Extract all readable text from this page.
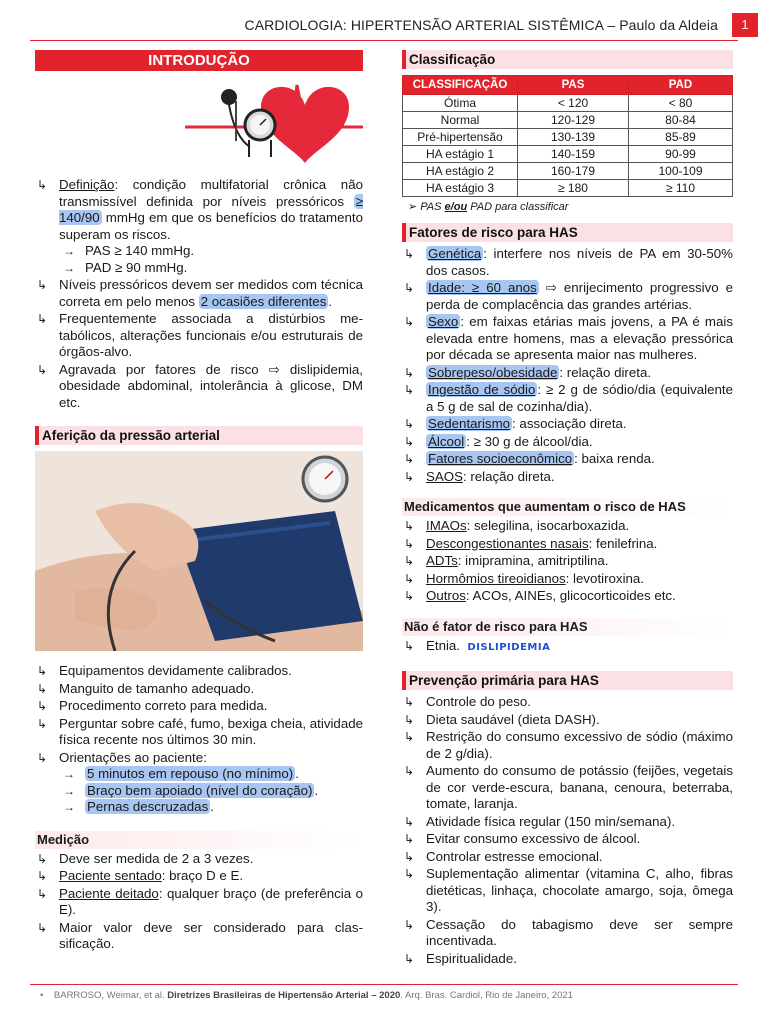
CARDIOLOGIA: HIPERTENSÃO ARTERIAL SISTÊMICA – Paulo da Aldeia	1
INTRODUÇÃO
↳ Definição: condição multifatorial crônica não transmissível definida por níveis pressóricos ≥ 140/90 mmHg em que os benefícios do tratamento superam os riscos.
→ PAS ≥ 140 mmHg.
→ PAD ≥ 90 mmHg.
↳ Níveis pressóricos devem ser medidos com técnica correta em pelo menos 2 ocasiões diferentes .
↳ Frequentemente associada a distúrbios metabólicos, alterações funcionais e/ou estruturais de órgãos-alvo.
↳ Agravada por fatores de risco ⇨ dislipidemia, obesidade abdominal, intolerância à glicose, DM etc.
Aferição da pressão arterial
↳ Equipamentos devidamente calibrados.
↳ Manguito de tamanho adequado.
↳ Procedimento correto para medida.
↳ Perguntar sobre café, fumo, bexiga cheia, atividade física recente nos últimos 30 min.
↳ Orientações ao paciente:
→ 5 minutos em repouso (no mínimo) .
→ Braço bem apoiado (nível do coração) .
→ Pernas descruzadas .
Medição
↳ Deve ser medida de 2 a 3 vezes.
↳ Paciente sentado: braço D e E.
↳ Paciente deitado: qualquer braço (de preferência o E).
↳ Maior valor deve ser considerado para classificação.
Classificação
CLASSIFICAÇÃO	PAS	PAD
Ótima	< 120	< 80
Normal	120-129	80-84
Pré-hipertensão	130-139	85-89
HA estágio 1	140-159	90-99
HA estágio 2	160-179	100-109
HA estágio 3	≥ 180	≥ 110
➢ PAS e/ou PAD para classificar
Fatores de risco para HAS
↳ Genética : interfere nos níveis de PA em 30-50% dos casos.
↳ Idade: ≥ 60 anos ⇨ enrijecimento progressivo e perda de complacência das grandes artérias.
↳ Sexo : em faixas etárias mais jovens, a PA é mais elevada entre homens, mas a elevação pressórica por década se apresenta maior nas mulheres.
↳ Sobrepeso/obesidade : relação direta.
↳ Ingestão de sódio : ≥ 2 g de sódio/dia (equivalente a 5 g de sal de cozinha/dia).
↳ Sedentarismo : associação direta.
↳ Álcool : ≥ 30 g de álcool/dia.
↳ Fatores socioeconômico : baixa renda.
↳ SAOS: relação direta.
Medicamentos que aumentam o risco de HAS
↳ IMAOs: selegilina, isocarboxazida.
↳ Descongestionantes nasais: fenilefrina.
↳ ADTs: imipramina, amitriptilina.
↳ Hormômios tireoidianos: levotiroxina.
↳ Outros: ACOs, AINEs, glicocorticoides etc.
Não é fator de risco para HAS
↳ Etnia. DISLIPIDEMIA
Prevenção primária para HAS
↳ Controle do peso.
↳ Dieta saudável (dieta DASH).
↳ Restrição do consumo excessivo de sódio (máximo de 2 g/dia).
↳ Aumento do consumo de potássio (feijões, vegetais de cor verde-escura, banana, cenoura, beterraba, tomate, laranja.
↳ Atividade física regular (150 min/semana).
↳ Evitar consumo excessivo de álcool.
↳ Controlar estresse emocional.
↳ Suplementação alimentar (vitamina C, alho, fibras dietéticas, linhaça, chocolate amargo, soja, ômega 3).
↳ Cessação do tabagismo deve ser sempre incentivada.
↳ Espiritualidade.
•    BARROSO, Weimar, et al. Diretrizes Brasileiras de Hipertensão Arterial – 2020. Arq. Bras. Cardiol, Rio de Janeiro, 2021
